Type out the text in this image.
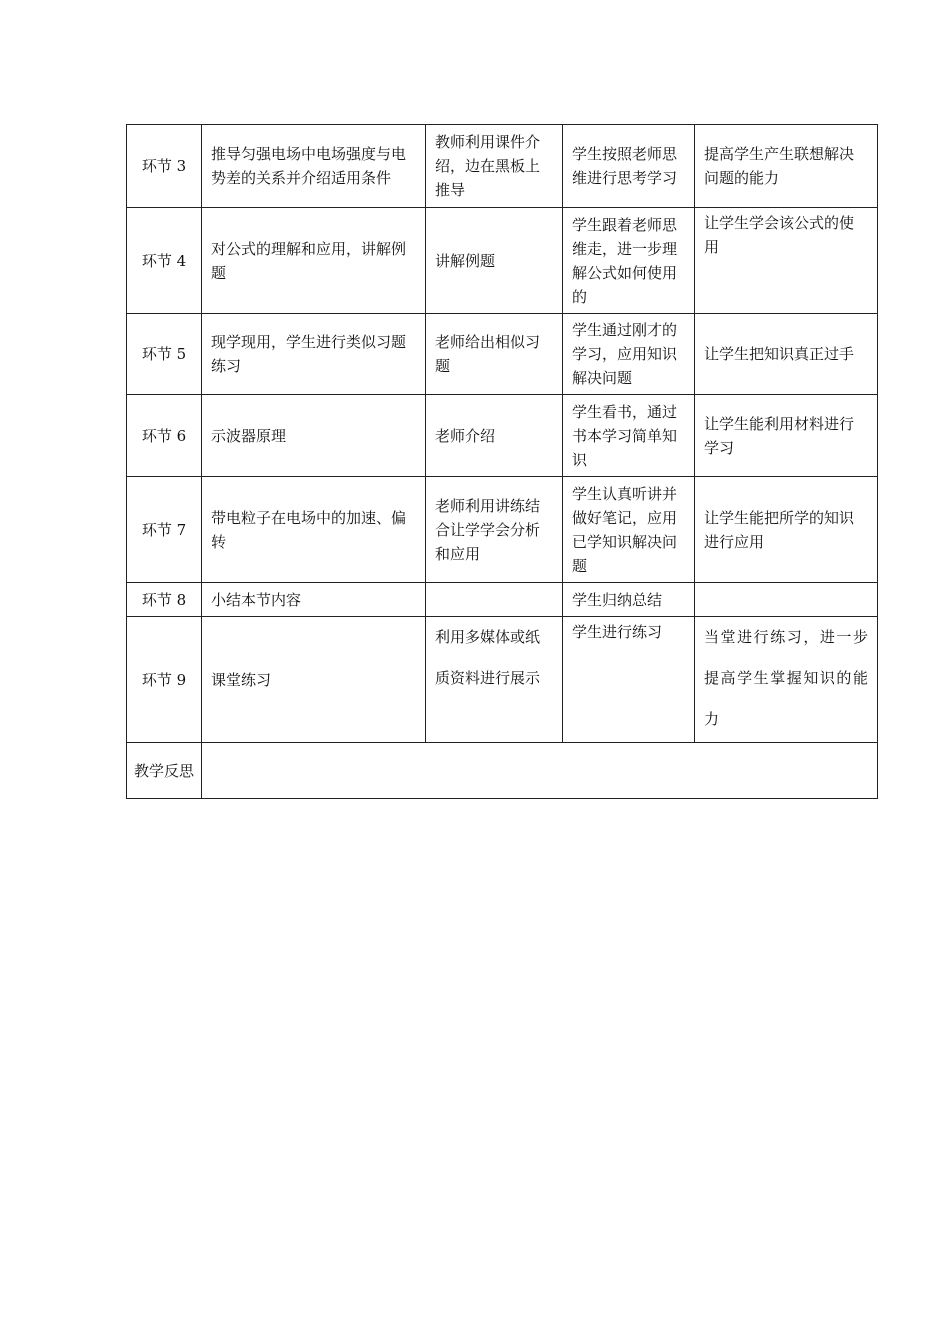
环节 3	推导匀强电场中电场强度与电势差的关系并介绍适用条件	教师利用课件介绍，边在黑板上推导	学生按照老师思维进行思考学习	提高学生产生联想解决问题的能力
环节 4	对公式的理解和应用，讲解例题	讲解例题	学生跟着老师思维走，进一步理解公式如何使用的	让学生学会该公式的使用
环节 5	现学现用，学生进行类似习题练习	老师给出相似习题	学生通过刚才的学习，应用知识解决问题	让学生把知识真正过手
环节 6	示波器原理	老师介绍	学生看书，通过书本学习简单知识	让学生能利用材料进行学习
环节 7	带电粒子在电场中的加速、偏转	老师利用讲练结合让学学会分析和应用	学生认真听讲并做好笔记，应用已学知识解决问题	让学生能把所学的知识进行应用
环节 8	小结本节内容		学生归纳总结	
环节 9	课堂练习	利用多媒体或纸质资料进行展示	学生进行练习	当堂进行练习，进一步提高学生掌握知识的能力
教学反思				
